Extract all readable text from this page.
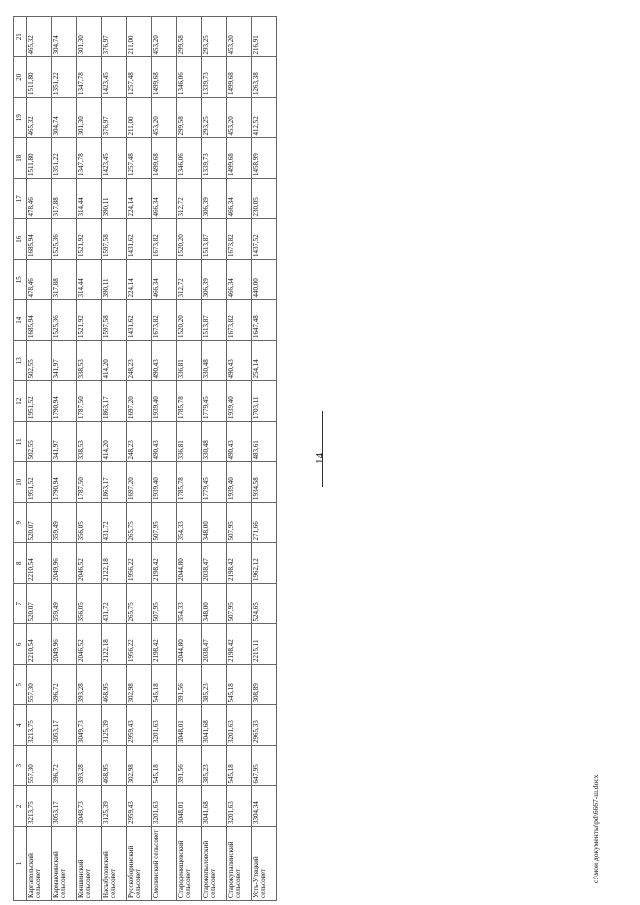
14
1	2	3	4	5	6	7	8	9	10	11	12	13	14	15	16	17	18	19	20	21
Каргапольский сельсовет	3213,75	557,30	3213,75	557,30	2210,54	520,07	2210,54	520,07	1951,52	502,55	1951,52	502,55	1685,94	478,46	1685,94	478,46	1511,80	465,32	1511,80	465,32
Кармакчинский сельсовет	3053,17	396,72	3053,17	396,72	2049,96	359,49	2049,96	359,49	1790,94	341,97	1790,94	341,97	1525,36	317,88	1525,36	317,88	1351,22	304,74	1351,22	304,74
Коншинский сельсовет	3049,73	393,28	3049,73	393,28	2046,52	356,05	2046,52	356,05	1787,50	338,53	1787,50	338,53	1521,92	314,44	1521,92	314,44	1347,78	301,30	1347,78	301,30
Насыбуловский сельсовет	3125,39	468,95	3125,39	468,95	2122,18	431,72	2122,18	431,72	1863,17	414,20	1863,17	414,20	1597,58	390,11	1597,58	390,11	1423,45	376,97	1423,45	376,97
Русскоборинский сельсовет	2959,43	302,98	2959,43	302,98	1956,22	265,75	1956,22	265,75	1697,20	248,23	1697,20	248,23	1431,62	224,14	1431,62	224,14	1257,48	211,00	1257,48	211,00
Смолинский сельсовет	3201,63	545,18	3201,63	545,18	2198,42	507,95	2198,42	507,95	1939,40	490,43	1939,40	490,43	1673,82	466,34	1673,82	466,34	1499,68	453,20	1499,68	453,20
Староденищевский сельсовет	3048,01	391,56	3048,01	391,56	2044,80	354,33	2044,80	354,33	1785,78	336,81	1785,78	336,81	1520,20	312,72	1520,20	312,72	1346,06	299,58	1346,06	299,58
Старокопыловский сельсовет	3041,68	385,23	3041,68	385,23	2038,47	348,00	2038,47	348,00	1779,45	330,48	1779,45	330,48	1513,87	306,39	1513,87	306,39	1339,73	293,25	1339,73	293,25
Старокупалинский сельсовет	3201,63	545,18	3201,63	545,18	2198,42	507,95	2198,42	507,95	1939,40	490,43	1939,40	490,43	1673,82	466,34	1673,82	466,34	1499,68	453,20	1499,68	453,20
Усть-Утяцкий сельсовет	3304,34	647,95	2965,33	308,89	2215,11	524,65	1962,12	271,66	1934,58	483,61	1703,11	254,14	1647,48	440,00	1437,52	230,05	1458,99	412,52	1263,38	216,91
c:\мои документы\pd\6667-ш.docx
